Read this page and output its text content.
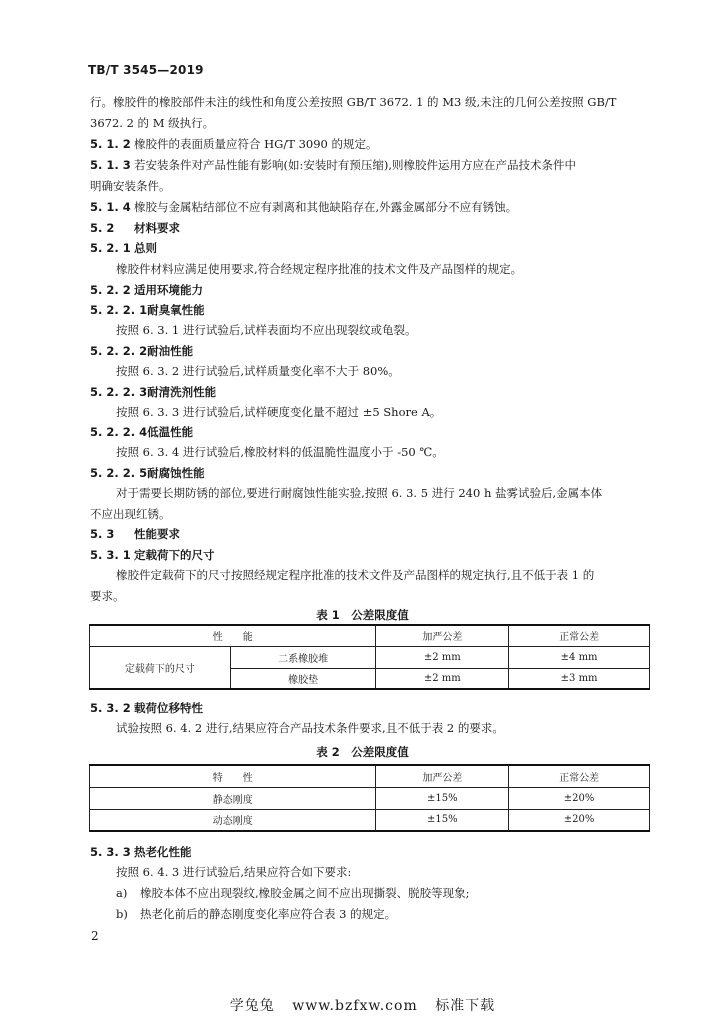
TB/T 3545—2019
行。橡胶件的橡胶部件未注的线性和角度公差按照 GB/T 3672. 1 的 M3 级,未注的几何公差按照 GB/T
3672. 2 的 M 级执行。
5. 1. 2 橡胶件的表面质量应符合 HG/T 3090 的规定。
5. 1. 3 若安装条件对产品性能有影响(如:安装时有预压缩),则橡胶件运用方应在产品技术条件中
明确安装条件。
5. 1. 4 橡胶与金属粘结部位不应有剥离和其他缺陷存在,外露金属部分不应有锈蚀。
5. 2 材料要求
5. 2. 1 总则
橡胶件材料应满足使用要求,符合经规定程序批准的技术文件及产品图样的规定。
5. 2. 2 适用环境能力
5. 2. 2. 1耐臭氧性能
按照 6. 3. 1 进行试验后,试样表面均不应出现裂纹或龟裂。
5. 2. 2. 2耐油性能
按照 6. 3. 2 进行试验后,试样质量变化率不大于 80%。
5. 2. 2. 3耐清洗剂性能
按照 6. 3. 3 进行试验后,试样硬度变化量不超过 ±5 Shore A。
5. 2. 2. 4低温性能
按照 6. 3. 4 进行试验后,橡胶材料的低温脆性温度小于 -50 ℃。
5. 2. 2. 5耐腐蚀性能
对于需要长期防锈的部位,要进行耐腐蚀性能实验,按照 6. 3. 5 进行 240 h 盐雾试验后,金属本体
不应出现红锈。
5. 3 性能要求
5. 3. 1 定载荷下的尺寸
橡胶件定载荷下的尺寸按照经规定程序批准的技术文件及产品图样的规定执行,且不低于表 1 的
要求。
表 1　公差限度值
性　　能		加严公差	正常公差
定载荷下的尺寸	二系橡胶堆	±2 mm	±4 mm
	橡胶垫	±2 mm	±3 mm
5. 3. 2 载荷位移特性
试验按照 6. 4. 2 进行,结果应符合产品技术条件要求,且不低于表 2 的要求。
表 2　公差限度值
特　　性	加严公差	正常公差
静态刚度	±15%	±20%
动态刚度	±15%	±20%
5. 3. 3 热老化性能
按照 6. 4. 3 进行试验后,结果应符合如下要求:
a) 橡胶本体不应出现裂纹,橡胶金属之间不应出现撕裂、脱胶等现象;
b) 热老化前后的静态刚度变化率应符合表 3 的规定。
2
学兔兔 www.bzfxw.com 标准下载
